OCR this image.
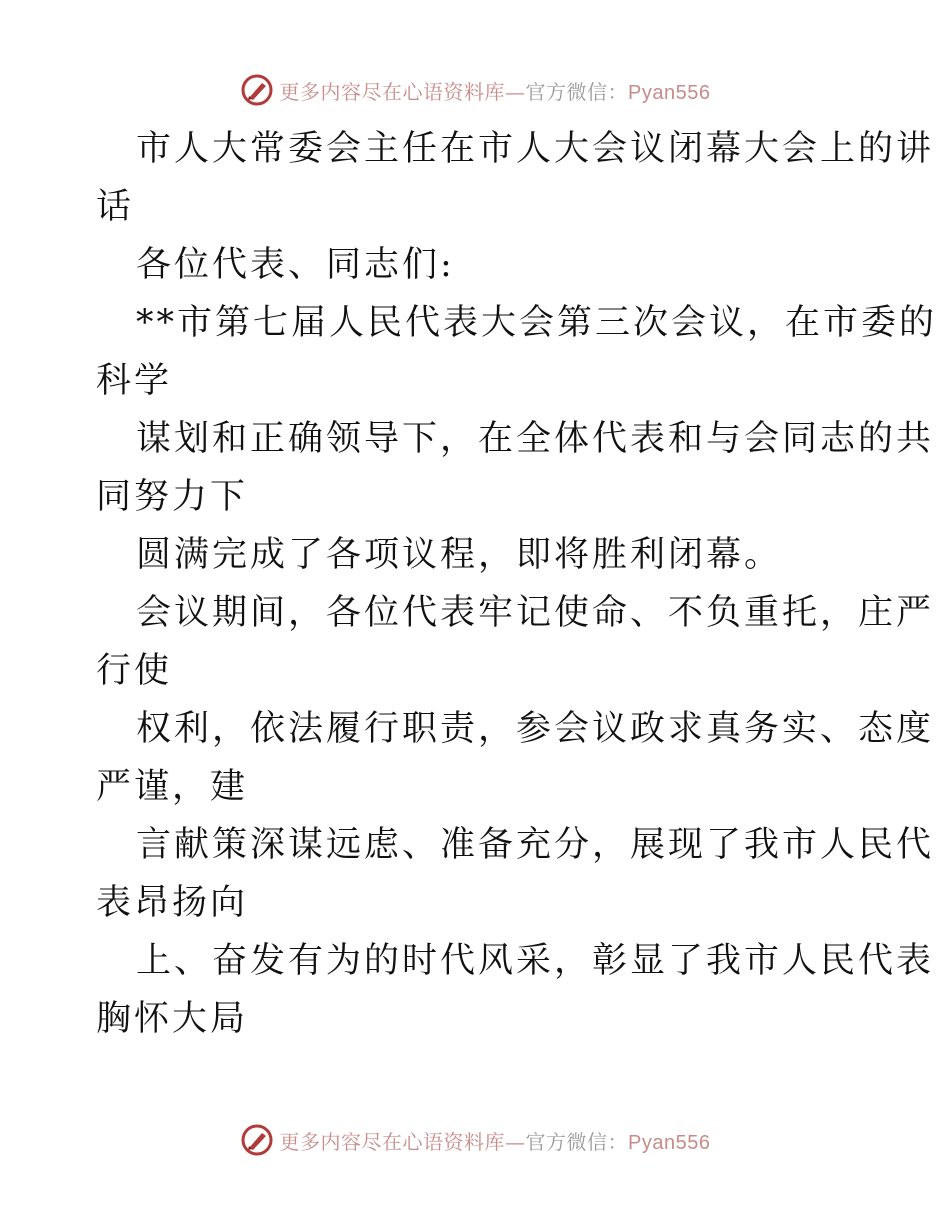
更多内容尽在心语资料库—官方微信：Pyan556
市人大常委会主任在市人大会议闭幕大会上的讲
话
各位代表、同志们:
**市第七届人民代表大会第三次会议，在市委的
科学
谋划和正确领导下，在全体代表和与会同志的共
同努力下
圆满完成了各项议程，即将胜利闭幕。
会议期间，各位代表牢记使命、不负重托，庄严
行使
权利，依法履行职责，参会议政求真务实、态度
严谨，建
言献策深谋远虑、准备充分，展现了我市人民代
表昂扬向
上、奋发有为的时代风采，彰显了我市人民代表
胸怀大局
更多内容尽在心语资料库—官方微信：Pyan556
